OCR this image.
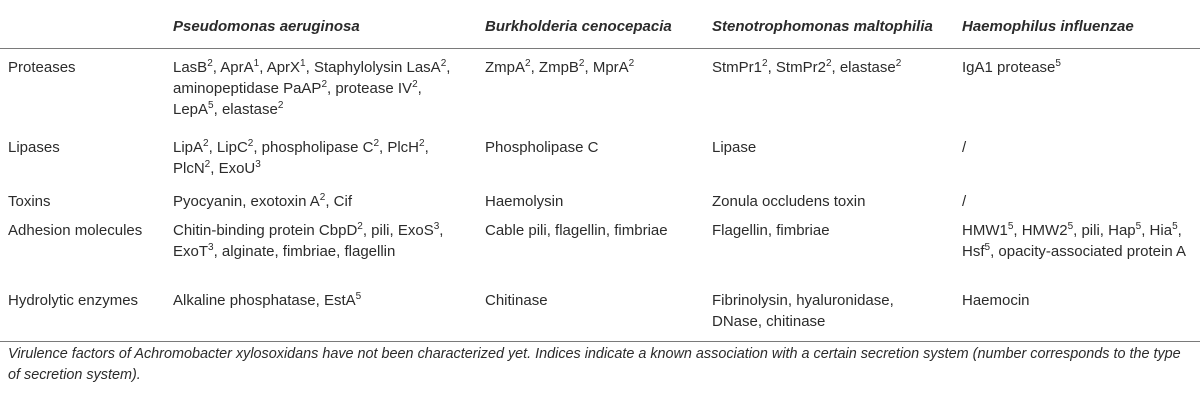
	Pseudomonas aeruginosa	Burkholderia cenocepacia	Stenotrophomonas maltophilia	Haemophilus influenzae
Proteases	LasB$^2$, AprA$^1$, AprX$^1$, Staphylolysin LasA$^2$, aminopeptidase PaAP$^2$, protease $IV^2$, LepA$^5$, elastase$^2$	ZmpA$^2$, ZmpB$^2$, MprA$^2$	$StmPr1^2$, $StmPr2^2$, elastase$^2$	IgA1 protease$^5$
Lipases	LipA$^2$, LipC$^2$, phospholipase $C^2$, PlcH$^2$, PlcN$^2$, ExoU$^3$	Phospholipase C	Lipase	/
Toxins	Pyocyanin, exotoxin $A^2$, Cif	Haemolysin	Zonula occludens toxin	/
Adhesion molecules	Chitin-binding protein CbpD$^2$, pili, ExoS$^3$, ExoT$^3$, alginate, fimbriae, flagellin	Cable pili, flagellin, fimbriae	Flagellin, fimbriae	$HMW1^5$, $HMW2^5$, pili, Hap$^5$, Hia$^5$, Hsf$^5$, opacity-associated protein A
Hydrolytic enzymes	Alkaline phosphatase, EstA$^5$	Chitinase	Fibrinolysin, hyaluronidase, DNase, chitinase	Haemocin
Virulence factors of Achromobacter xylosoxidans have not been characterized yet. Indices indicate a known association with a certain secretion system (number corresponds to the type of secretion system).
